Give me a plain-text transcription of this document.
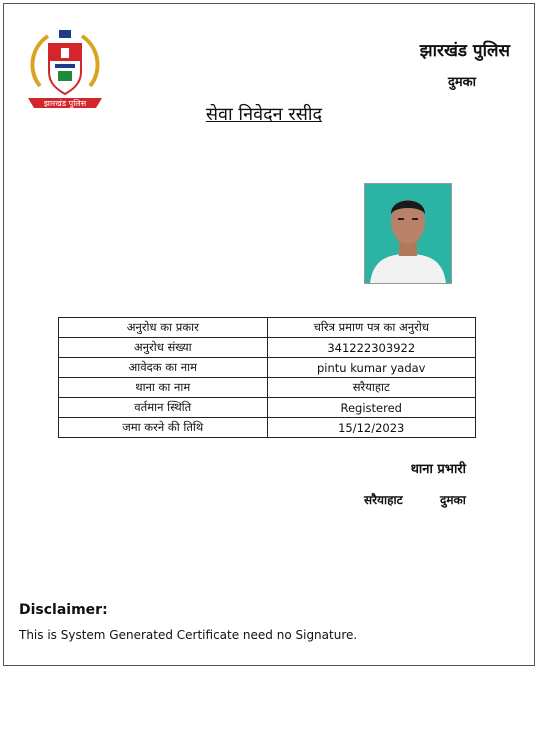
झारखंड पुलिस
झारखंड पुलिस
दुमका
सेवा निवेदन रसीद
अनुरोध का प्रकार	चरित्र प्रमाण पत्र का अनुरोध
अनुरोध संख्या	341222303922
आवेदक का नाम	pintu kumar yadav
थाना का नाम	सरैयाहाट
वर्तमान स्थिति	Registered
जमा करने की तिथि	15/12/2023
थाना प्रभारी
सरैयाहाट	दुमका
Disclaimer:
This is System Generated Certificate need no Signature.
